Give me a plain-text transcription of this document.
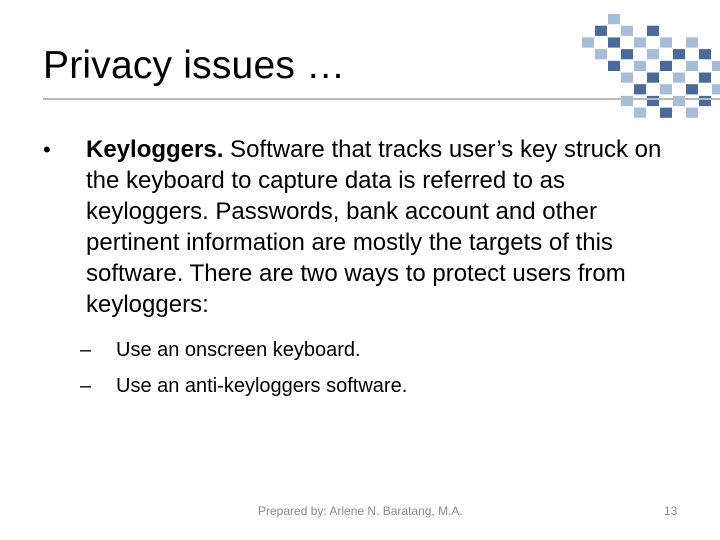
Privacy issues …
• Keyloggers. Software that tracks user’s key struck on the keyboard to capture data is referred to as keyloggers. Passwords, bank account and other pertinent information are mostly the targets of this software. There are two ways to protect users from keyloggers:
– Use an onscreen keyboard.
– Use an anti-keyloggers software.
Prepared by: Arlene N. Baratang, M.A.	13
